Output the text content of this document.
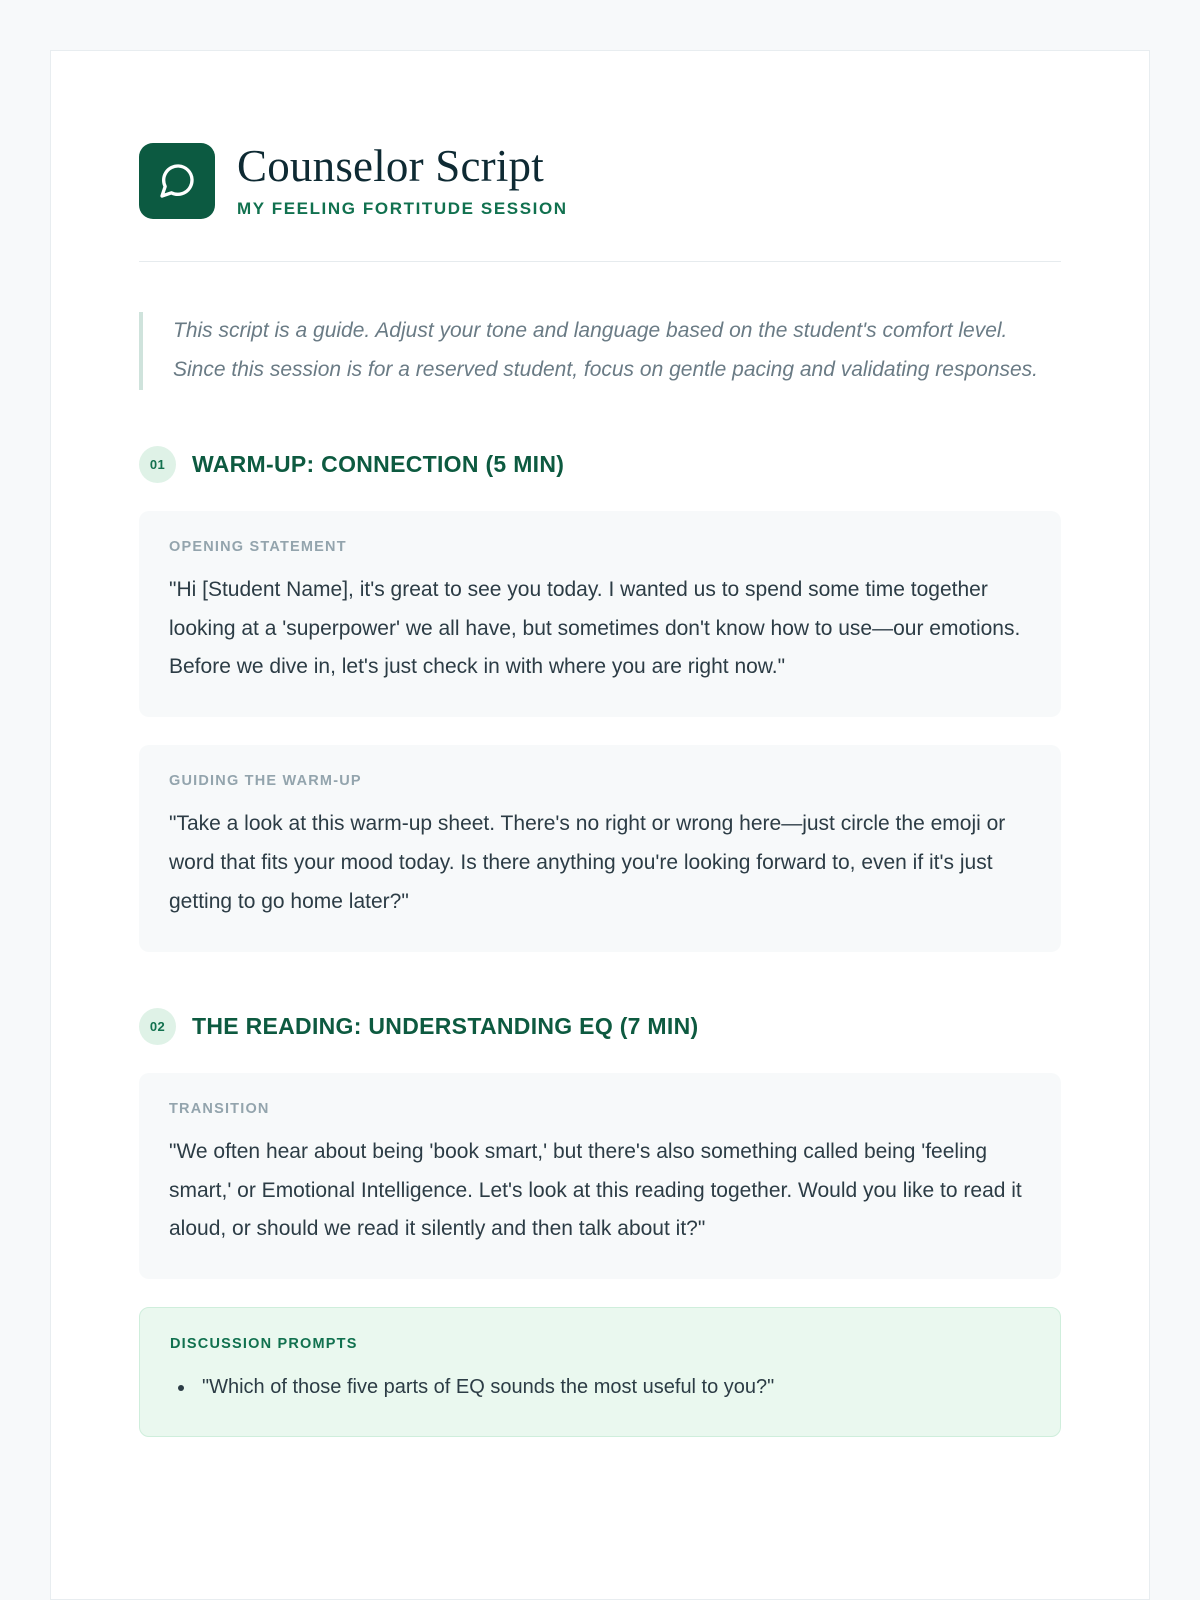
Counselor Script

MY FEELING FORTITUDE SESSION

This script is a guide. Adjust your tone and language based on the student's comfort level. Since this session is for a reserved student, focus on gentle pacing and validating responses.

01	WARM-UP: CONNECTION (5 MIN)

OPENING STATEMENT

"Hi [Student Name], it's great to see you today. I wanted us to spend some time together looking at a 'superpower' we all have, but sometimes don't know how to use—our emotions. Before we dive in, let's just check in with where you are right now."

GUIDING THE WARM-UP

"Take a look at this warm-up sheet. There's no right or wrong here—just circle the emoji or word that fits your mood today. Is there anything you're looking forward to, even if it's just getting to go home later?"

02	THE READING: UNDERSTANDING EQ (7 MIN)

TRANSITION

"We often hear about being 'book smart,' but there's also something called being 'feeling smart,' or Emotional Intelligence. Let's look at this reading together. Would you like to read it aloud, or should we read it silently and then talk about it?"

DISCUSSION PROMPTS

• "Which of those five parts of EQ sounds the most useful to you?"
